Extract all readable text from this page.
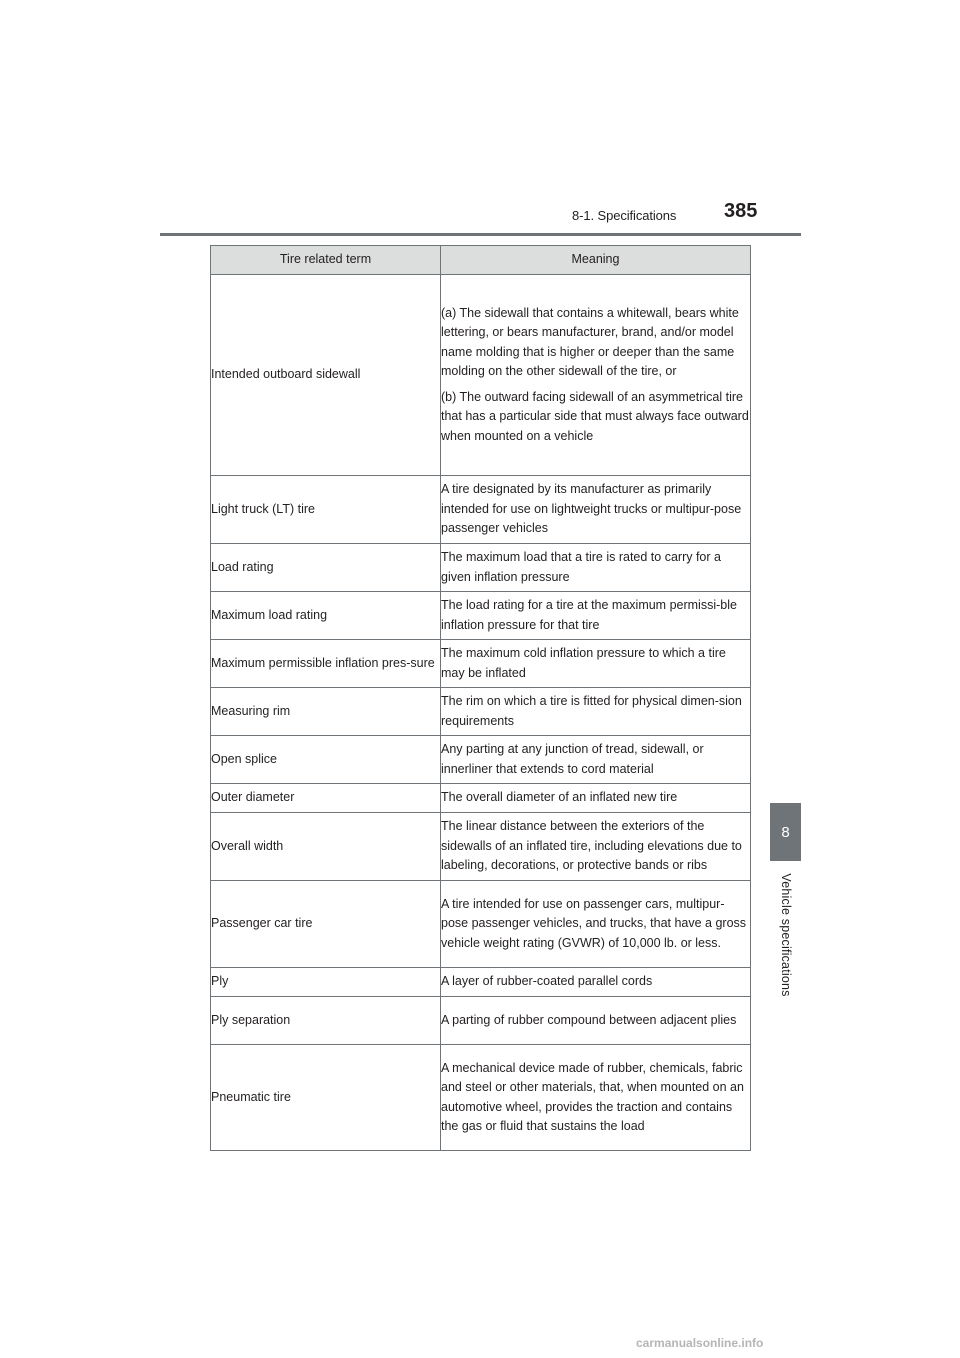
8-1. Specifications 385
8
Vehicle specifications
Tire related term	Meaning
Intended outboard sidewall	(a) The sidewall that contains a whitewall, bears white lettering, or bears manufacturer, brand, and/or model name molding that is higher or deeper than the same molding on the other sidewall of the tire, or

(b) The outward facing sidewall of an asymmetrical tire that has a particular side that must always face outward when mounted on a vehicle

Light truck (LT) tire	A tire designated by its manufacturer as primarily intended for use on lightweight trucks or multipur-pose passenger vehicles

Load rating	The maximum load that a tire is rated to carry for a given inflation pressure

Maximum load rating	The load rating for a tire at the maximum permissi-ble inflation pressure for that tire

Maximum permissible inflation pres-sure	The maximum cold inflation pressure to which a tire may be inflated

Measuring rim	The rim on which a tire is fitted for physical dimen-sion requirements

Open splice	Any parting at any junction of tread, sidewall, or innerliner that extends to cord material

Outer diameter	The overall diameter of an inflated new tire

Overall width	The linear distance between the exteriors of the sidewalls of an inflated tire, including elevations due to labeling, decorations, or protective bands or ribs

Passenger car tire	A tire intended for use on passenger cars, multipur-pose passenger vehicles, and trucks, that have a gross vehicle weight rating (GVWR) of 10,000 lb. or less.

Ply	A layer of rubber-coated parallel cords

Ply separation	A parting of rubber compound between adjacent plies

Pneumatic tire	A mechanical device made of rubber, chemicals, fabric and steel or other materials, that, when mounted on an automotive wheel, provides the traction and contains the gas or fluid that sustains the load

carmanualsonline.info
